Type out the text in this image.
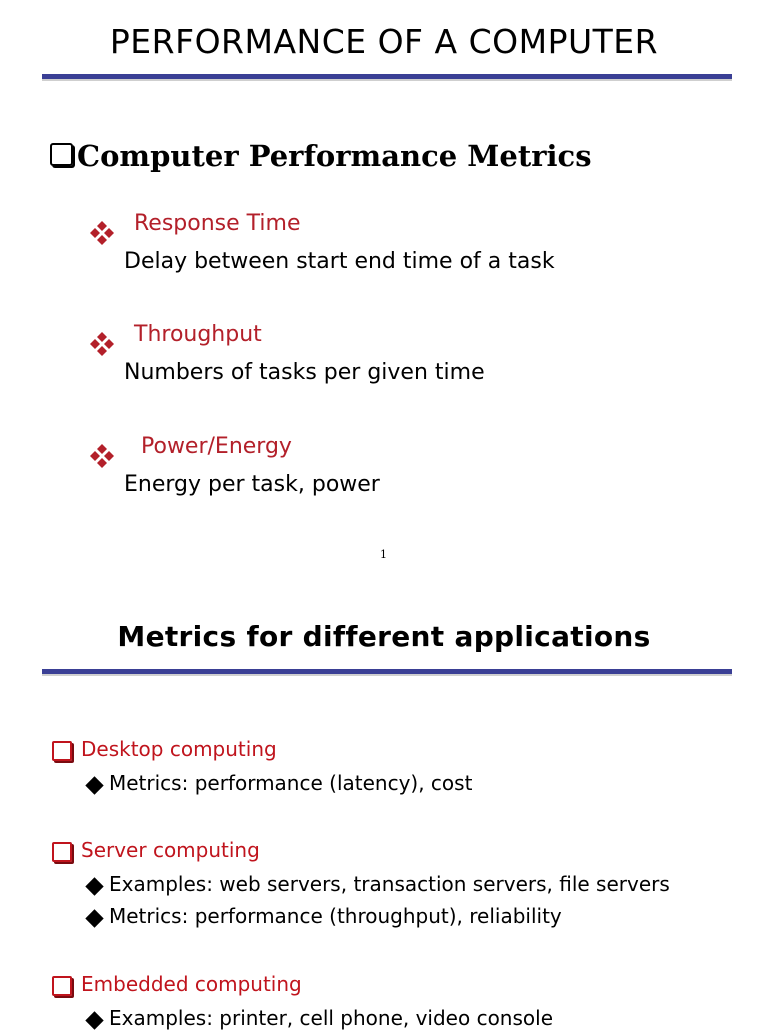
PERFORMANCE OF A COMPUTER
Computer Performance Metrics
Response Time
Delay between start end time of a task
Throughput
Numbers of tasks per given time
Power/Energy
Energy per task, power
1
Metrics for different applications
Desktop computing
Metrics: performance (latency), cost
Server computing
Examples: web servers, transaction servers, file servers
Metrics: performance (throughput), reliability
Embedded computing
Examples: printer, cell phone, video console
